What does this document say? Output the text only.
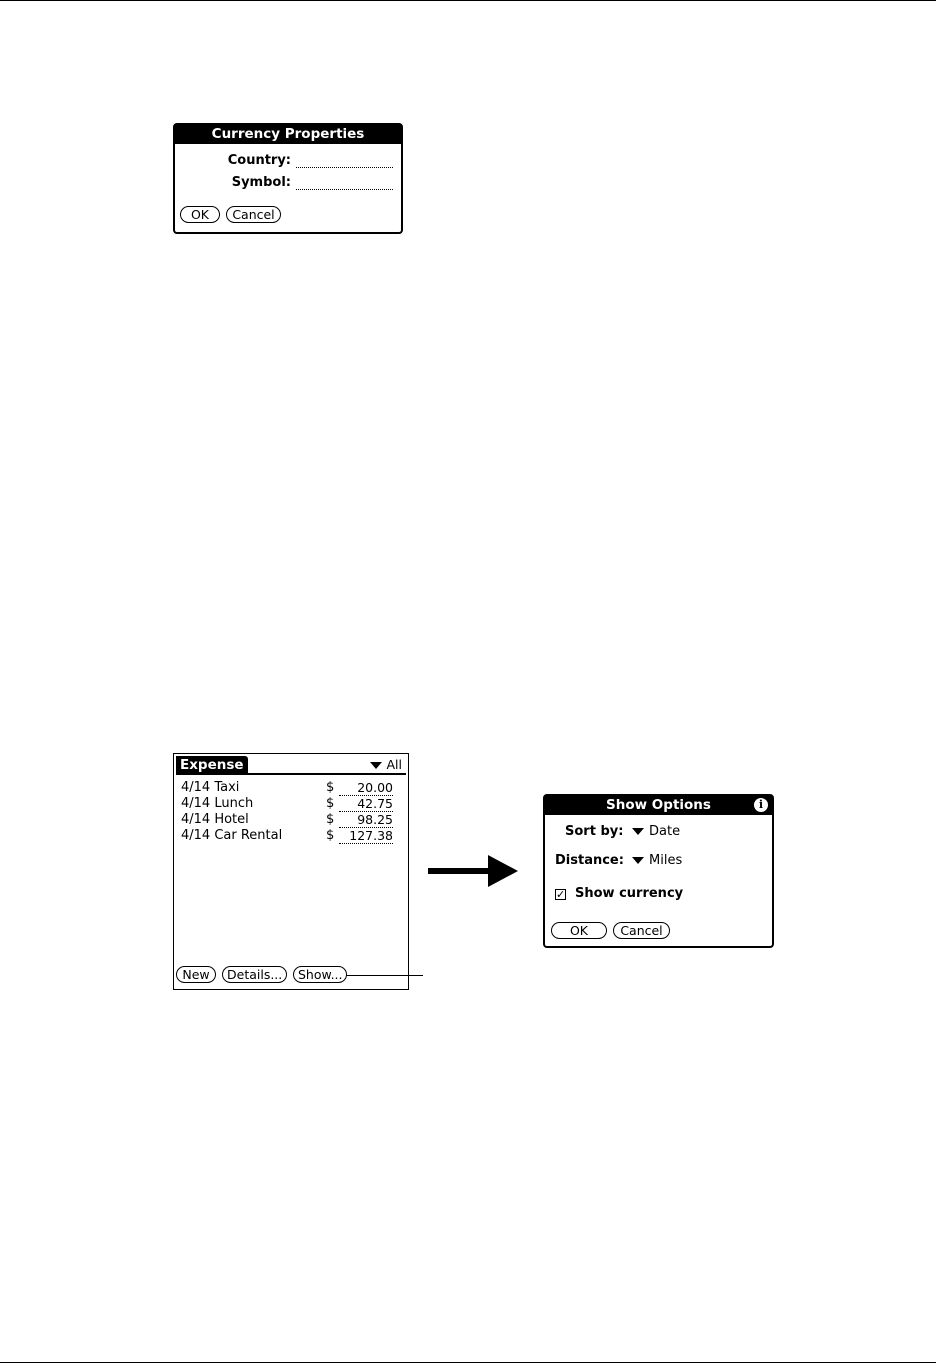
Currency Properties
Country:
Symbol:
OK	Cancel
Expense	All
4/14 Taxi	$	20.00
4/14 Lunch	$	42.75
4/14 Hotel	$	98.25
4/14 Car Rental	$	127.38
New	Details...	Show...
Show Options	i
Sort by:	Date
Distance:	Miles
✓ Show currency
OK	Cancel
